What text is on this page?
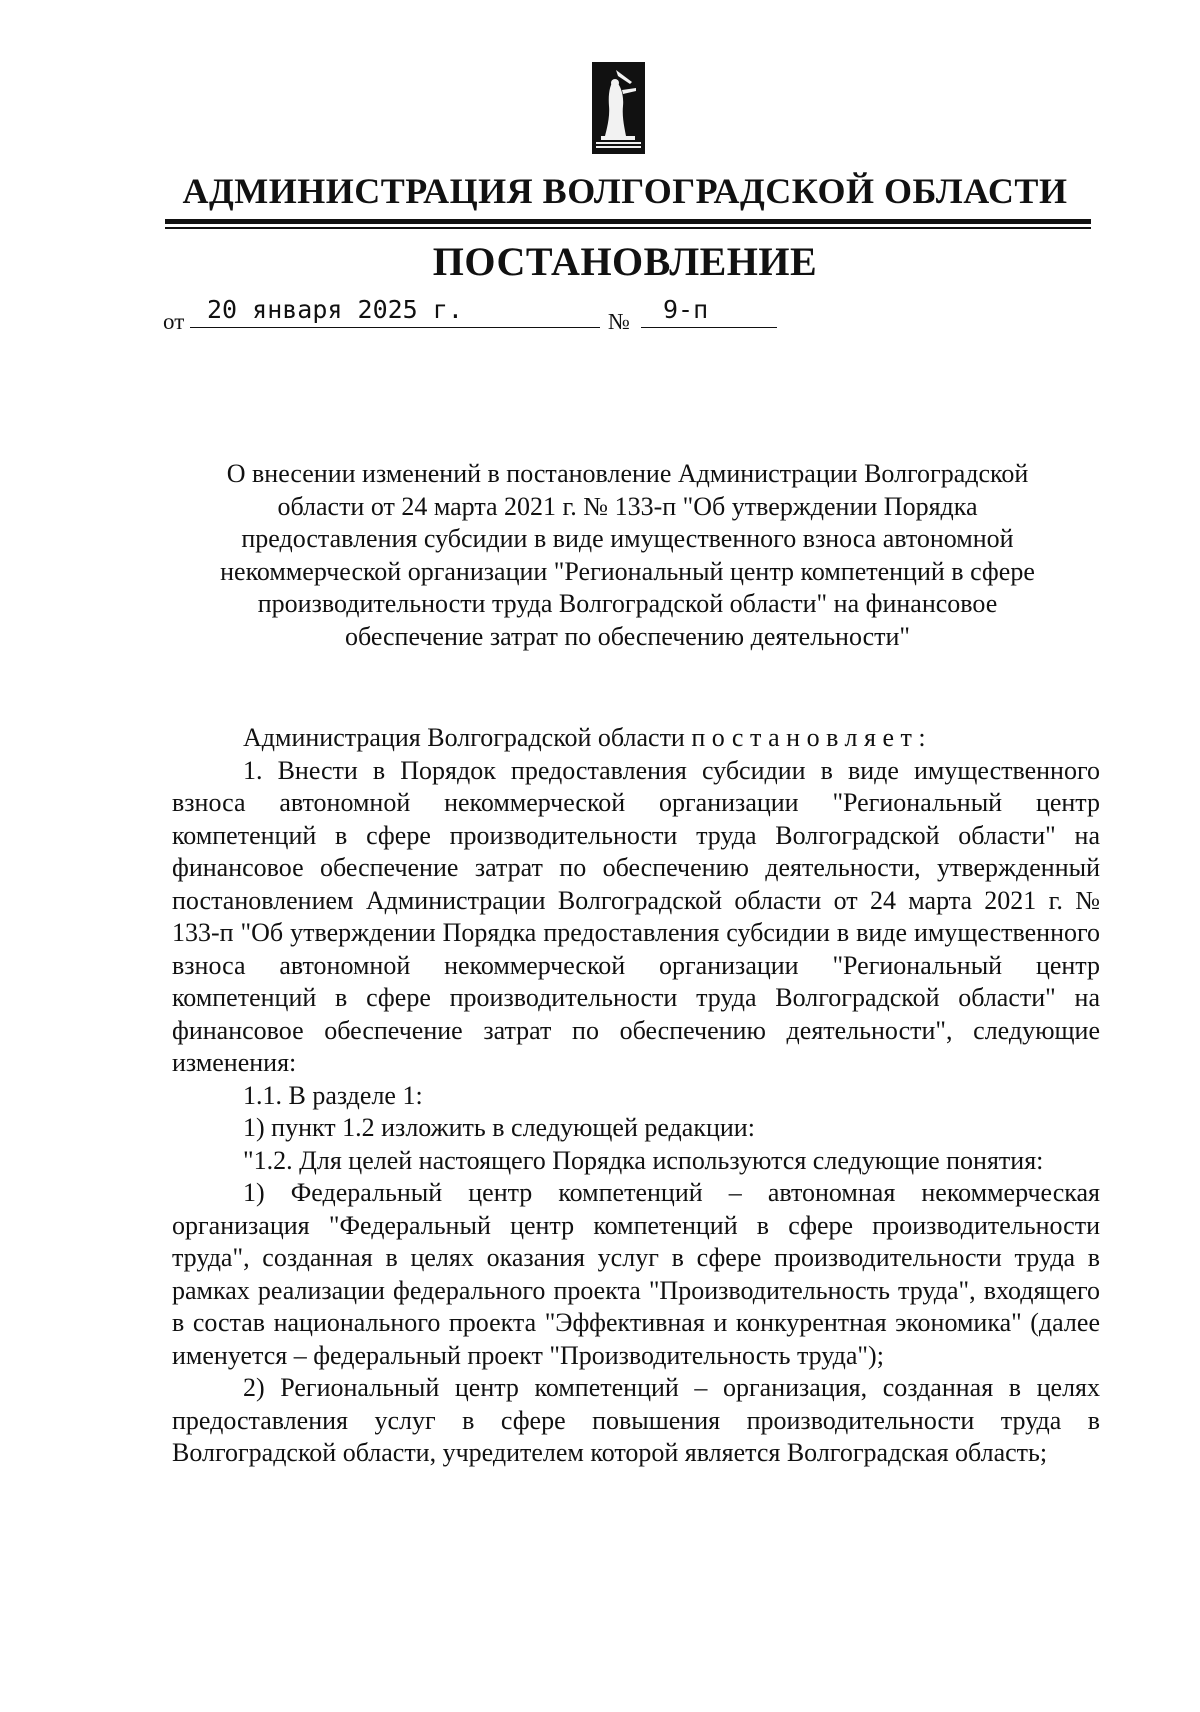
АДМИНИСТРАЦИЯ ВОЛГОГРАДСКОЙ ОБЛАСТИ
ПОСТАНОВЛЕНИЕ
от 20 января 2025 г.	№ 9-п
О внесении изменений в постановление Администрации Волгоградской
области от 24 марта 2021 г. № 133-п "Об утверждении Порядка
предоставления субсидии в виде имущественного взноса автономной
некоммерческой организации "Региональный центр компетенций в сфере
производительности труда Волгоградской области" на финансовое
обеспечение затрат по обеспечению деятельности"

Администрация Волгоградской области постановляет:

1. Внести в Порядок предоставления субсидии в виде имущественного взноса автономной некоммерческой организации "Региональный центр компетенций в сфере производительности труда Волгоградской области" на финансовое обеспечение затрат по обеспечению деятельности, утвержденный постановлением Администрации Волгоградской области от 24 марта 2021 г. № 133-п "Об утверждении Порядка предоставления субсидии в виде имущественного взноса автономной некоммерческой организации "Региональный центр компетенций в сфере производительности труда Волгоградской области" на финансовое обеспечение затрат по обеспечению деятельности", следующие изменения:

1.1. В разделе 1:

1) пункт 1.2 изложить в следующей редакции:

"1.2. Для целей настоящего Порядка используются следующие понятия:

1) Федеральный центр компетенций – автономная некоммерческая организация "Федеральный центр компетенций в сфере производительности труда", созданная в целях оказания услуг в сфере производительности труда в рамках реализации федерального проекта "Производительность труда", входящего в состав национального проекта "Эффективная и конкурентная экономика" (далее именуется – федеральный проект "Производительность труда");

2) Региональный центр компетенций – организация, созданная в целях предоставления услуг в сфере повышения производительности труда в Волгоградской области, учредителем которой является Волгоградская область;
